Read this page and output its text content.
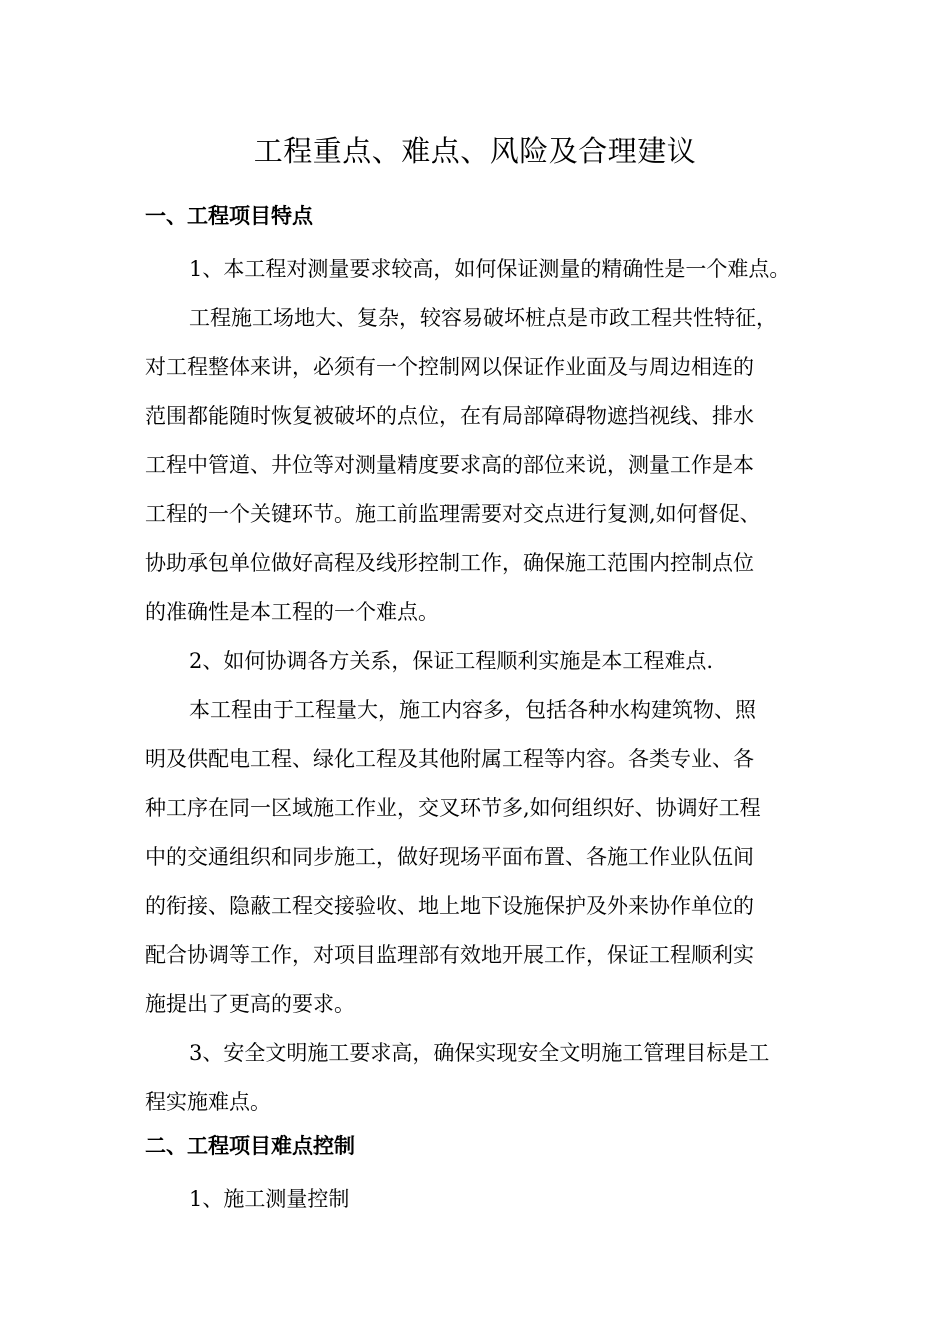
工程重点、难点、风险及合理建议
一、工程项目特点
1、本工程对测量要求较高，如何保证测量的精确性是一个难点。
工程施工场地大、复杂，较容易破坏桩点是市政工程共性特征，
对工程整体来讲，必须有一个控制网以保证作业面及与周边相连的
范围都能随时恢复被破坏的点位，在有局部障碍物遮挡视线、排水
工程中管道、井位等对测量精度要求高的部位来说，测量工作是本
工程的一个关键环节。施工前监理需要对交点进行复测,如何督促、
协助承包单位做好高程及线形控制工作，确保施工范围内控制点位
的准确性是本工程的一个难点。
2、如何协调各方关系，保证工程顺利实施是本工程难点.
本工程由于工程量大，施工内容多，包括各种水构建筑物、照
明及供配电工程、绿化工程及其他附属工程等内容。各类专业、各
种工序在同一区域施工作业，交叉环节多,如何组织好、协调好工程
中的交通组织和同步施工，做好现场平面布置、各施工作业队伍间
的衔接、隐蔽工程交接验收、地上地下设施保护及外来协作单位的
配合协调等工作，对项目监理部有效地开展工作，保证工程顺利实
施提出了更高的要求。
3、安全文明施工要求高，确保实现安全文明施工管理目标是工
程实施难点。
二、工程项目难点控制
1、施工测量控制
